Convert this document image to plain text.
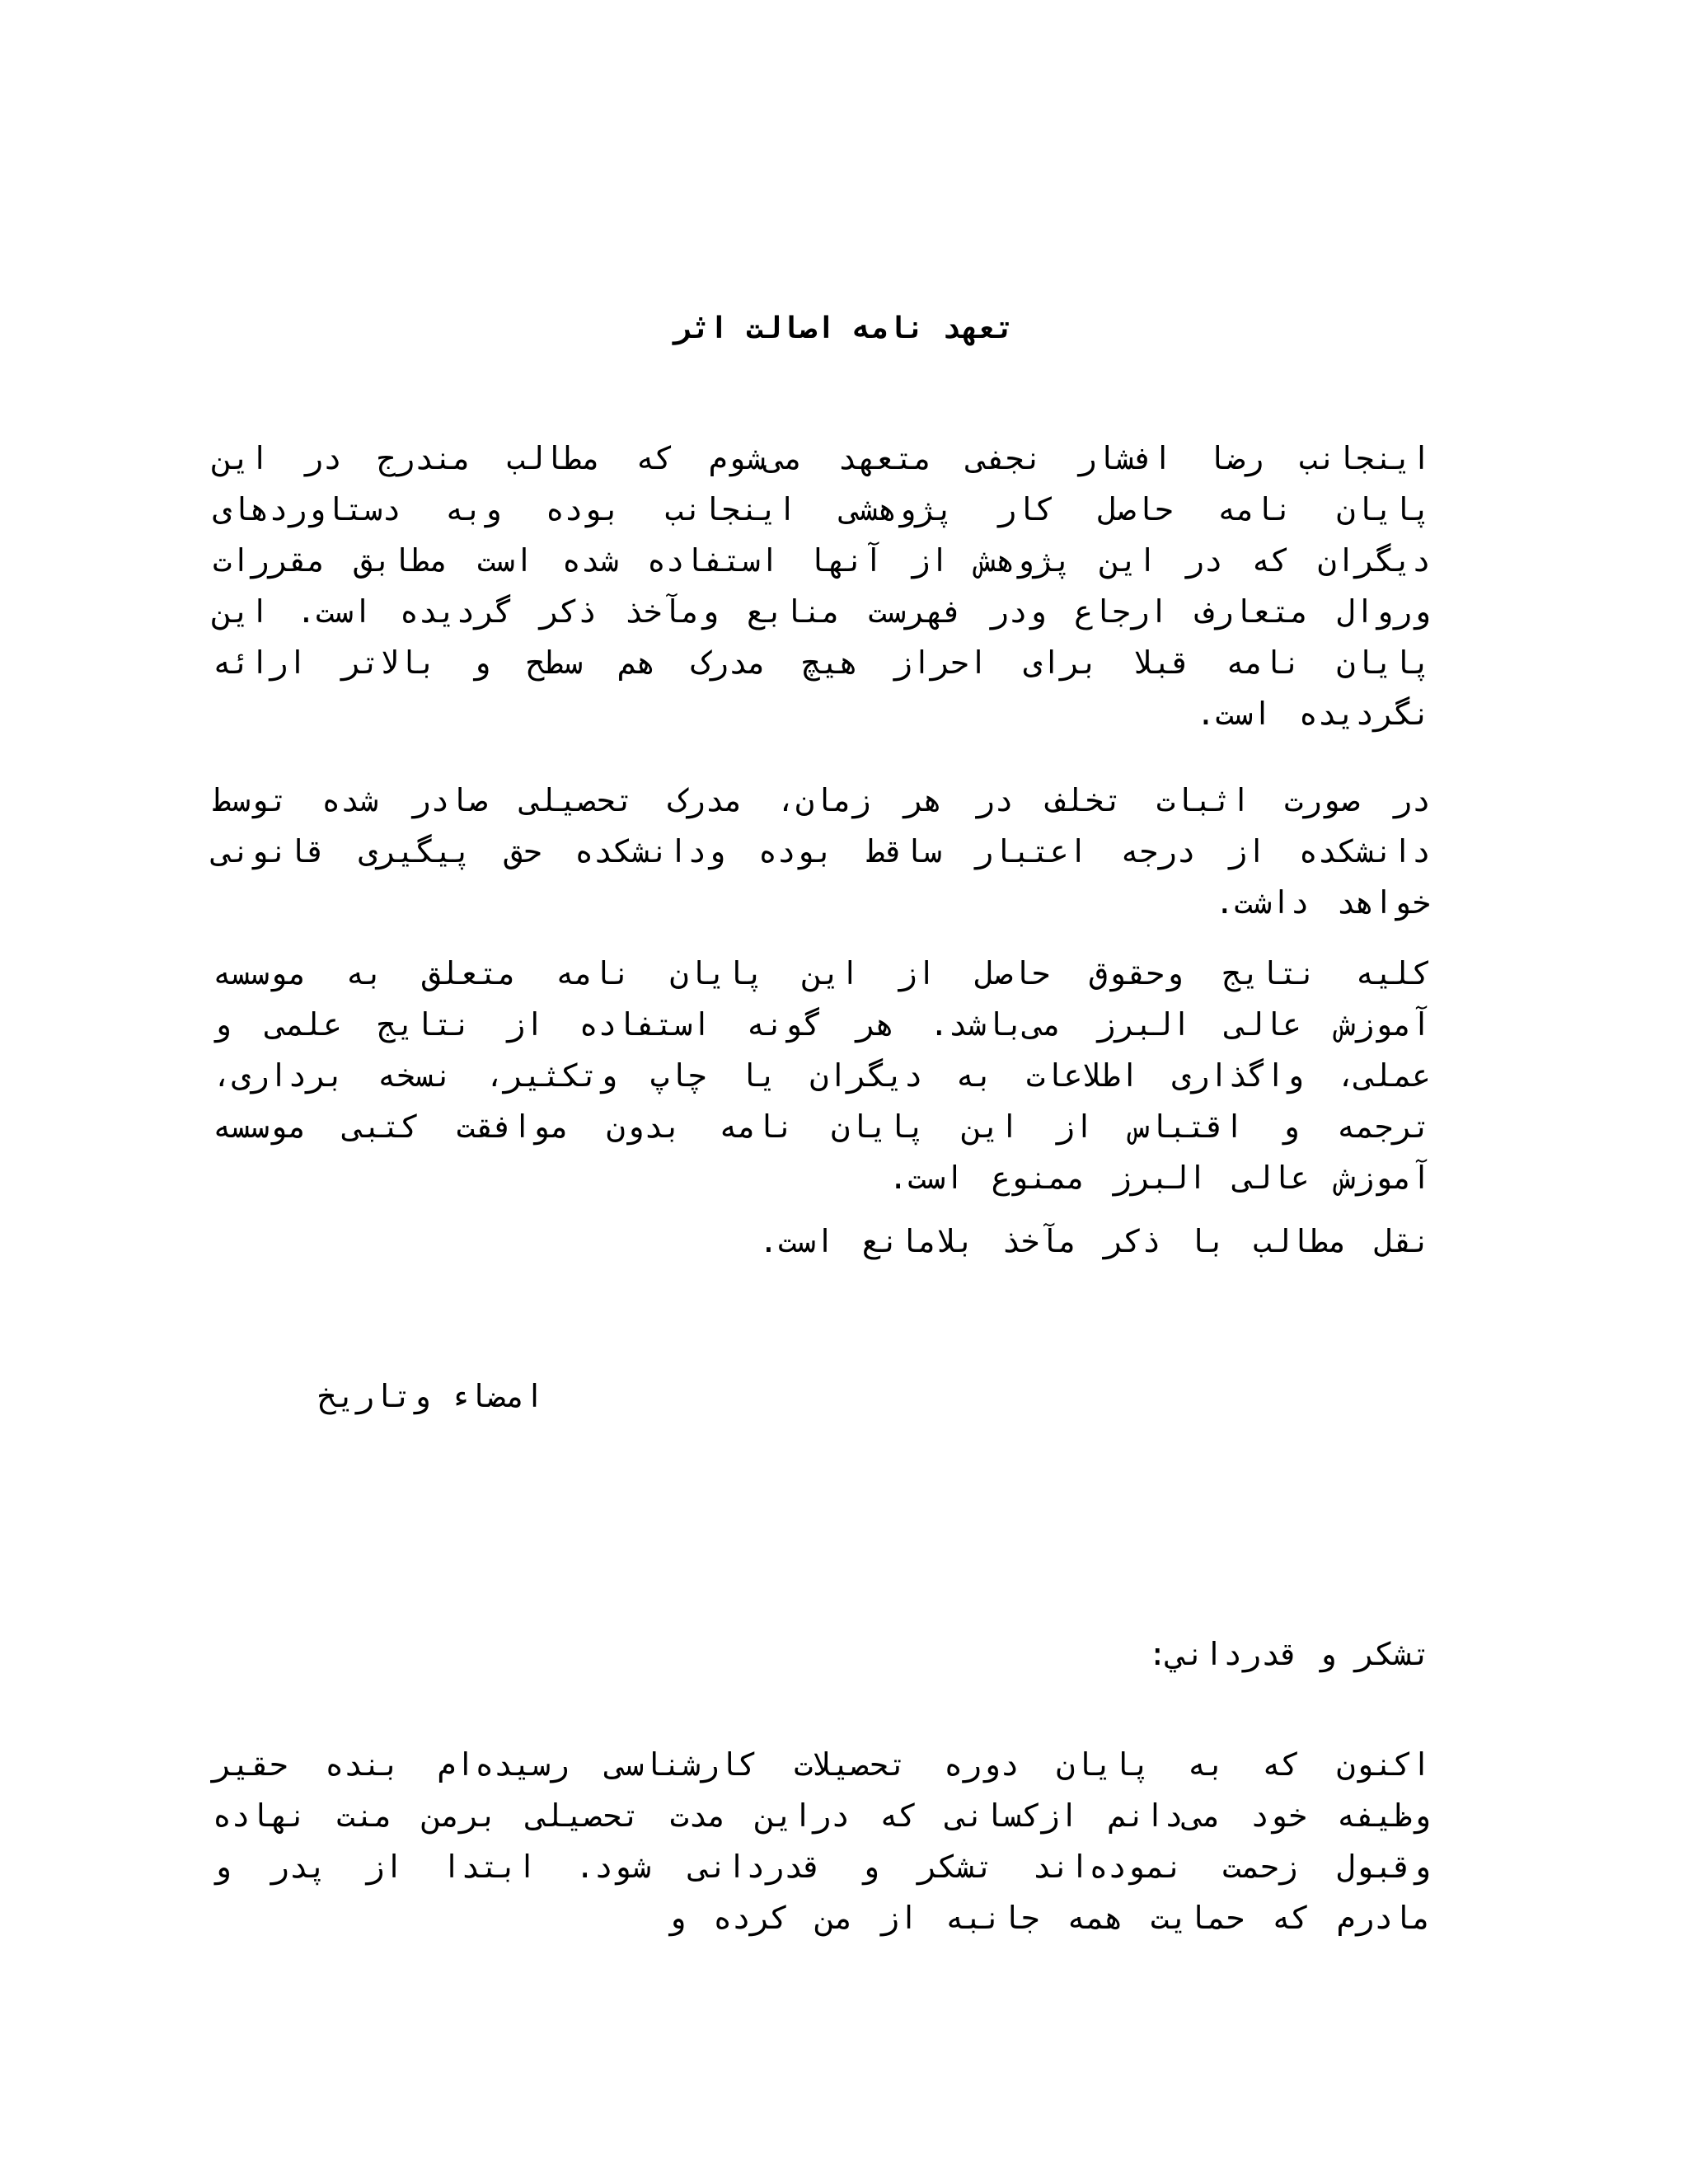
تعهد نامه اصالت اثر
اینجانب رضا افشار نجفی متعهد می‌شوم که مطالب مندرج در این پایان نامه حاصل کار پژوهشی اینجانب بوده وبه دستاوردهای دیگران که در این پژوهش از آنها استفاده شده است مطابق مقررات وروال متعارف ارجاع ودر فهرست منابع ومآخذ ذکر گردیده است. این پایان نامه قبلا برای احراز هیچ مدرک هم سطح و بالاتر ارائه نگردیده است.
در صورت اثبات تخلف در هر زمان، مدرک تحصیلی صادر شده توسط دانشکده از درجه اعتبار ساقط بوده ودانشکده حق پیگیری قانونی خواهد داشت.
کلیه نتایج وحقوق حاصل از این پایان نامه متعلق به موسسه آموزش عالی البرز می‌باشد. هر گونه استفاده از نتایج علمی و عملی، واگذاری اطلاعات به دیگران یا چاپ وتکثیر، نسخه برداری، ترجمه و اقتباس از این پایان نامه بدون موافقت کتبی موسسه آموزش عالی البرز ممنوع است.
نقل مطالب با ذکر مآخذ بلامانع است.
امضاء وتاریخ
تشکر و قدرداني:
اکنون که به پایان دوره تحصیلات کارشناسی رسیده‌ام بنده حقیر وظیفه خود می‌دانم ازکسانی که دراین مدت تحصیلی برمن منت نهاده وقبول زحمت نموده‌اند تشکر و قدردانی شود. ابتدا از پدر و مادرم که حمایت همه جانبه از من کرده و
